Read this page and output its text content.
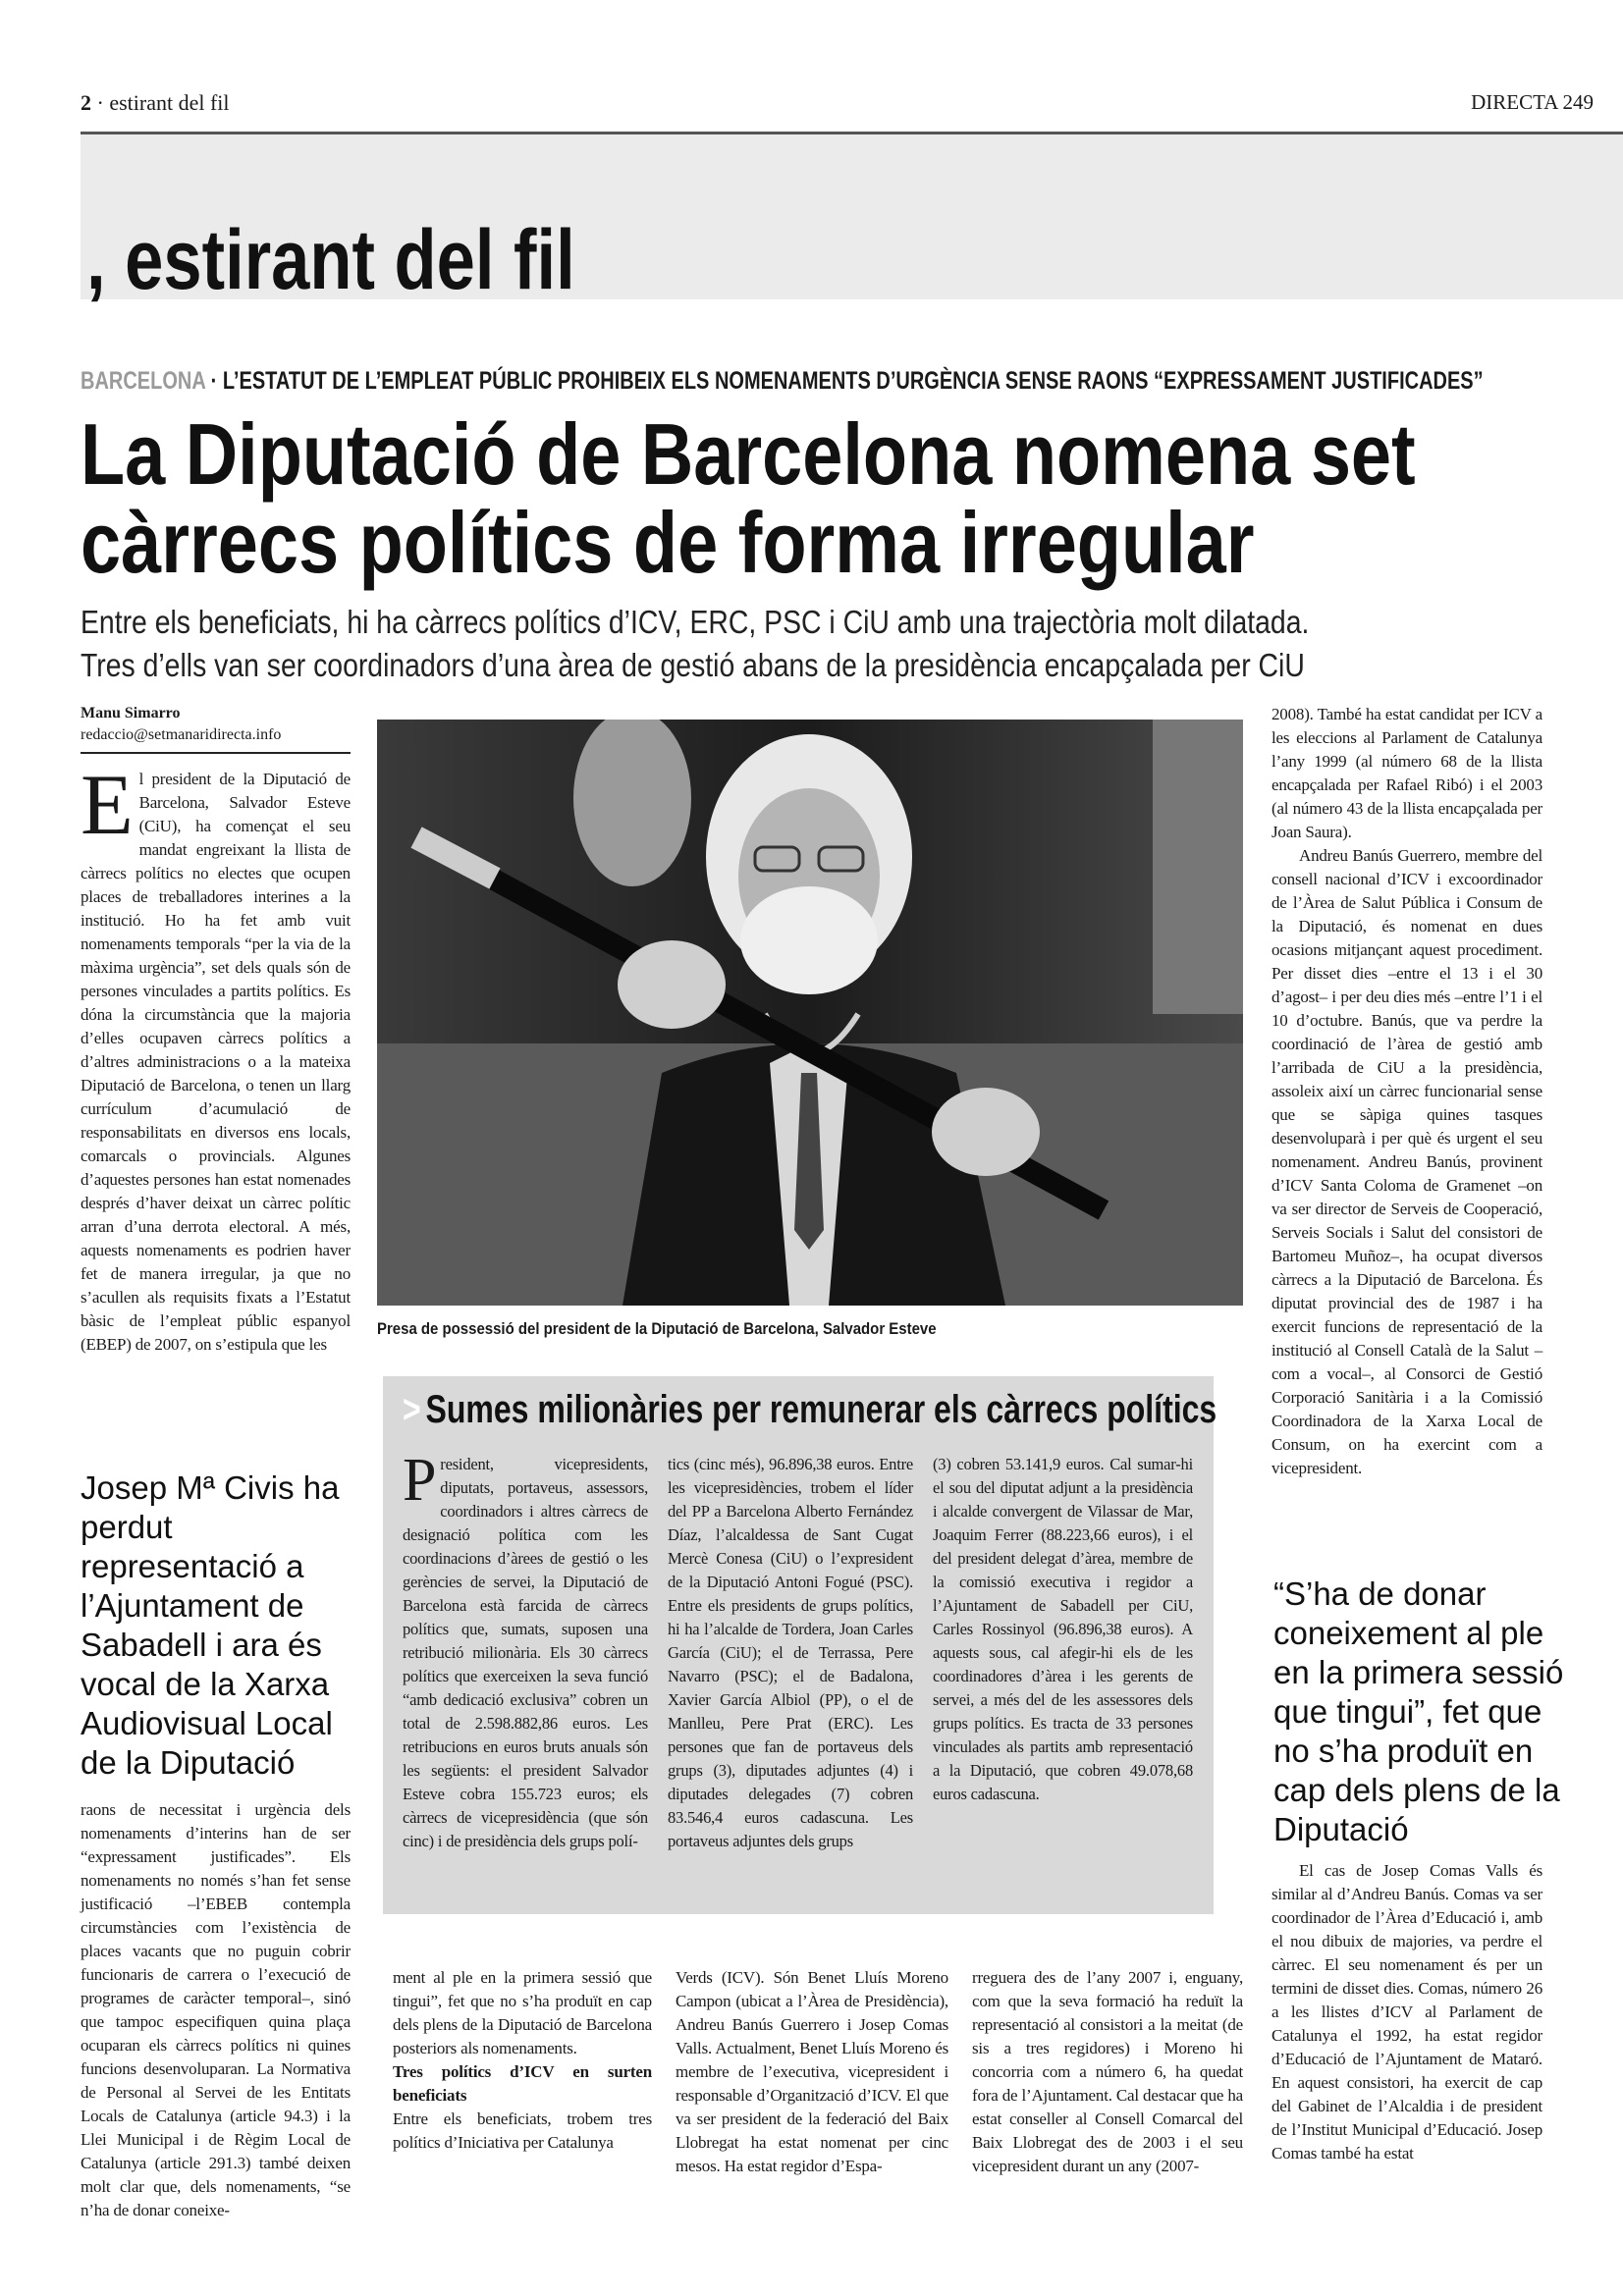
2 · estirant del fil	DIRECTA 249
, estirant del fil
BARCELONA · L’ESTATUT DE L’EMPLEAT PÚBLIC PROHIBEIX ELS NOMENAMENTS D’URGÈNCIA SENSE RAONS “EXPRESSAMENT JUSTIFICADES”
La Diputació de Barcelona nomena set
càrrecs polítics de forma irregular
Entre els beneficiats, hi ha càrrecs polítics d’ICV, ERC, PSC i CiU amb una trajectòria molt dilatada.
Tres d’ells van ser coordinadors d’una àrea de gestió abans de la presidència encapçalada per CiU
Manu Simarro
redaccio@setmanaridirecta.info
E l president de la Diputació de Barcelona, Salvador Esteve (CiU), ha començat el seu mandat engreixant la llista de càrrecs polítics no electes que ocupen places de treballadores interines a la institució. Ho ha fet amb vuit nomenaments temporals “per la via de la màxima urgència”, set dels quals són de persones vinculades a partits polítics. Es dóna la circumstància que la majoria d’elles ocupaven càrrecs polítics a d’altres administracions o a la mateixa Diputació de Barcelona, o tenen un llarg currículum d’acumulació de responsabilitats en diversos ens locals, comarcals o provincials. Algunes d’aquestes persones han estat nomenades després d’haver deixat un càrrec polític arran d’una derrota electoral. A més, aquests nomenaments es podrien haver fet de manera irregular, ja que no s’acullen als requisits fixats a l’Estatut bàsic de l’empleat públic espanyol (EBEP) de 2007, on s’estipula que les

Josep Mª Civis ha perdut representació a l’Ajuntament de Sabadell i ara és vocal de la Xarxa Audiovisual Local de la Diputació

raons de necessitat i urgència dels nomenaments d’interins han de ser “expressament justificades”. Els nomenaments no només s’han fet sense justificació –l’EBEB contempla circumstàncies com l’existència de places vacants que no puguin cobrir funcionaris de carrera o l’execució de programes de caràcter temporal–, sinó que tampoc especifiquen quina plaça ocuparan els càrrecs polítics ni quines funcions desenvoluparan. La Normativa de Personal al Servei de les Entitats Locals de Catalunya (article 94.3) i la Llei Municipal i de Règim Local de Catalunya (article 291.3) també deixen molt clar que, dels nomenaments, “se n’ha de donar coneixe-

Presa de possessió del president de la Diputació de Barcelona, Salvador Esteve
> Sumes milionàries per remunerar els càrrecs polítics
P resident, vicepresidents, diputats, portaveus, assessors, coordinadors i altres càrrecs de designació política com les coordinacions d’àrees de gestió o les gerències de servei, la Diputació de Barcelona està farcida de càrrecs polítics que, sumats, suposen una retribució milionària. Els 30 càrrecs polítics que exerceixen la seva funció “amb dedicació exclusiva” cobren un total de 2.598.882,86 euros. Les retribucions en euros bruts anuals són les següents: el president Salvador Esteve cobra 155.723 euros; els càrrecs de vicepresidència (que són cinc) i de presidència dels grups polí-

tics (cinc més), 96.896,38 euros. Entre les vicepresidències, trobem el líder del PP a Barcelona Alberto Fernández Díaz, l’alcaldessa de Sant Cugat Mercè Conesa (CiU) o l’expresident de la Diputació Antoni Fogué (PSC). Entre els presidents de grups polítics, hi ha l’alcalde de Tordera, Joan Carles García (CiU); el de Terrassa, Pere Navarro (PSC); el de Badalona, Xavier García Albiol (PP), o el de Manlleu, Pere Prat (ERC). Les persones que fan de portaveus dels grups (3), diputades adjuntes (4) i diputades delegades (7) cobren 83.546,4 euros cadascuna. Les portaveus adjuntes dels grups

(3) cobren 53.141,9 euros. Cal sumar-hi el sou del diputat adjunt a la presidència i alcalde convergent de Vilassar de Mar, Joaquim Ferrer (88.223,66 euros), i el del president delegat d’àrea, membre de la comissió executiva i regidor a l’Ajuntament de Sabadell per CiU, Carles Rossinyol (96.896,38 euros). A aquests sous, cal afegir-hi els de les coordinadores d’àrea i les gerents de servei, a més del de les assessores dels grups polítics. Es tracta de 33 persones vinculades als partits amb representació a la Diputació, que cobren 49.078,68 euros cadascuna.

ment al ple en la primera sessió que tingui”, fet que no s’ha produït en cap dels plens de la Diputació de Barcelona posteriors als nomenaments.

Tres polítics d’ICV en surten beneficiats

Entre els beneficiats, trobem tres polítics d’Iniciativa per Catalunya

Verds (ICV). Són Benet Lluís Moreno Campon (ubicat a l’Àrea de Presidència), Andreu Banús Guerrero i Josep Comas Valls. Actualment, Benet Lluís Moreno és membre de l’executiva, vicepresident i responsable d’Organització d’ICV. El que va ser president de la federació del Baix Llobregat ha estat nomenat per cinc mesos. Ha estat regidor d’Espa-

rreguera des de l’any 2007 i, enguany, com que la seva formació ha reduït la representació al consistori a la meitat (de sis a tres regidores) i Moreno hi concorria com a número 6, ha quedat fora de l’Ajuntament. Cal destacar que ha estat conseller al Consell Comarcal del Baix Llobregat des de 2003 i el seu vicepresident durant un any (2007-

2008). També ha estat candidat per ICV a les eleccions al Parlament de Catalunya l’any 1999 (al número 68 de la llista encapçalada per Rafael Ribó) i el 2003 (al número 43 de la llista encapçalada per Joan Saura).

Andreu Banús Guerrero, membre del consell nacional d’ICV i excoordinador de l’Àrea de Salut Pública i Consum de la Diputació, és nomenat en dues ocasions mitjançant aquest procediment. Per disset dies –entre el 13 i el 30 d’agost– i per deu dies més –entre l’1 i el 10 d’octubre. Banús, que va perdre la coordinació de l’àrea de gestió amb l’arribada de CiU a la presidència, assoleix així un càrrec funcionarial sense que se sàpiga quines tasques desenvoluparà i per què és urgent el seu nomenament. Andreu Banús, provinent d’ICV Santa Coloma de Gramenet –on va ser director de Serveis de Cooperació, Serveis Socials i Salut del consistori de Bartomeu Muñoz–, ha ocupat diversos càrrecs a la Diputació de Barcelona. És diputat provincial des de 1987 i ha exercit funcions de representació de la institució al Consell Català de la Salut –com a vocal–, al Consorci de Gestió Corporació Sanitària i a la Comissió Coordinadora de la Xarxa Local de Consum, on ha exercint com a vicepresident.

“S’ha de donar coneixement al ple en la primera sessió que tingui”, fet que no s’ha produït en cap dels plens de la Diputació

El cas de Josep Comas Valls és similar al d’Andreu Banús. Comas va ser coordinador de l’Àrea d’Educació i, amb el nou dibuix de majories, va perdre el càrrec. El seu nomenament és per un termini de disset dies. Comas, número 26 a les llistes d’ICV al Parlament de Catalunya el 1992, ha estat regidor d’Educació de l’Ajuntament de Mataró. En aquest consistori, ha exercit de cap del Gabinet de l’Alcaldia i de president de l’Institut Municipal d’Educació. Josep Comas també ha estat
